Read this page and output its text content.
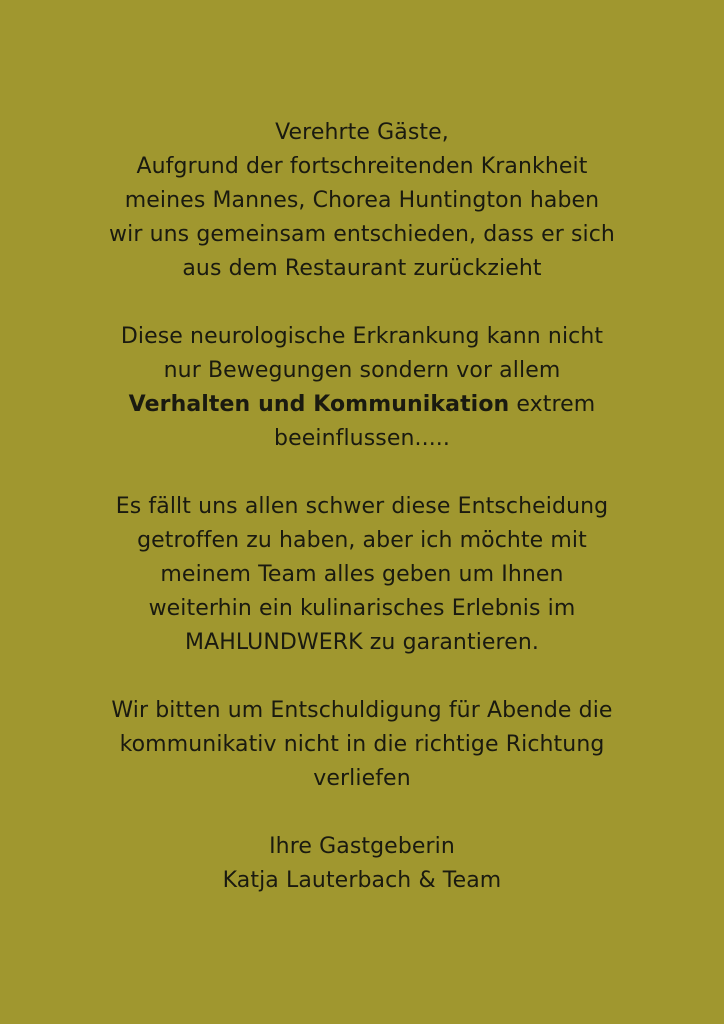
Verehrte Gäste,
Aufgrund der fortschreitenden Krankheit
meines Mannes, Chorea Huntington haben
wir uns gemeinsam entschieden, dass er sich
aus dem Restaurant zurückzieht
Diese neurologische Erkrankung kann nicht
nur Bewegungen sondern vor allem
Verhalten und Kommunikation extrem
beeinflussen.....
Es fällt uns allen schwer diese Entscheidung
getroffen zu haben, aber ich möchte mit
meinem Team alles geben um Ihnen
weiterhin ein kulinarisches Erlebnis im
MAHLUNDWERK zu garantieren.
Wir bitten um Entschuldigung für Abende die
kommunikativ nicht in die richtige Richtung
verliefen
Ihre Gastgeberin
Katja Lauterbach & Team
